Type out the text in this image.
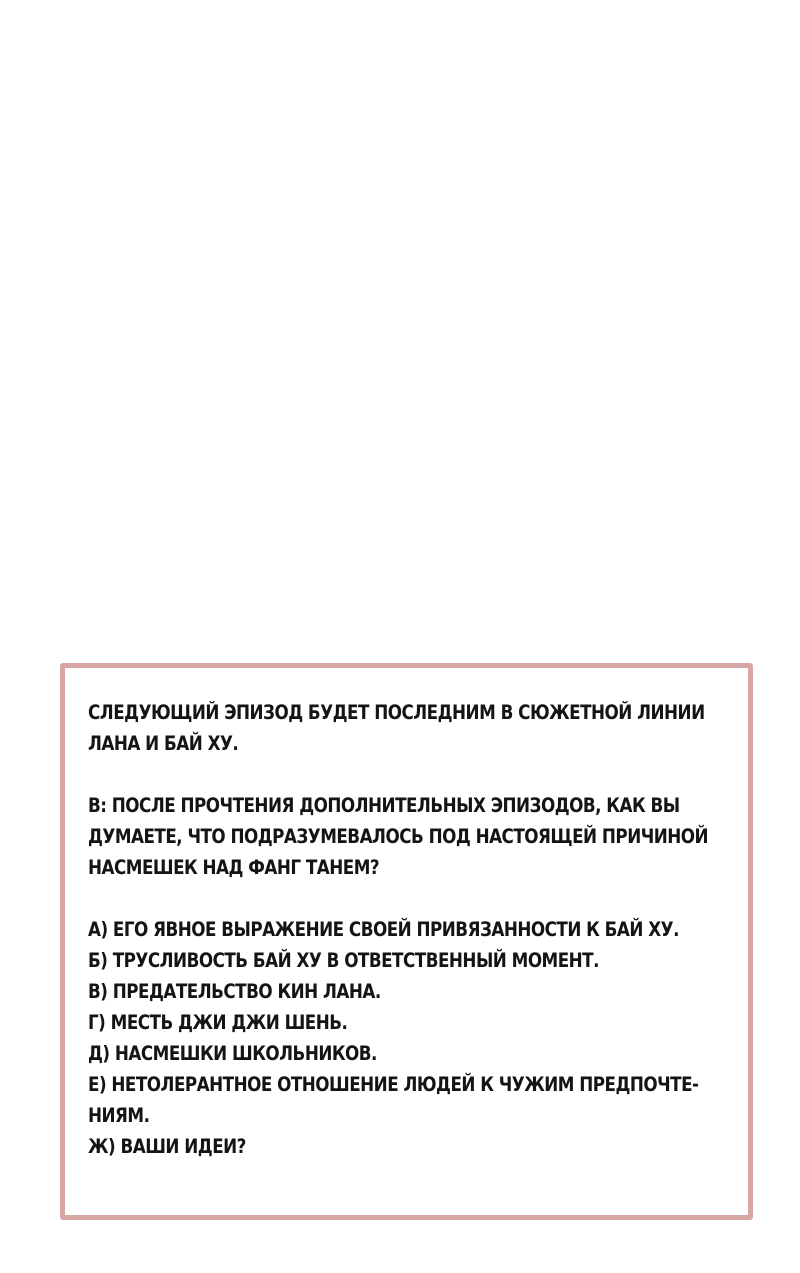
СЛЕДУЮЩИЙ ЭПИЗОД БУДЕТ ПОСЛЕДНИМ В СЮЖЕТНОЙ ЛИНИИ
ЛАНА И БАЙ ХУ.
В: ПОСЛЕ ПРОЧТЕНИЯ ДОПОЛНИТЕЛЬНЫХ ЭПИЗОДОВ, КАК ВЫ
ДУМАЕТЕ, ЧТО ПОДРАЗУМЕВАЛОСЬ ПОД НАСТОЯЩЕЙ ПРИЧИНОЙ
НАСМЕШЕК НАД ФАНГ ТАНЕМ?
А) ЕГО ЯВНОЕ ВЫРАЖЕНИЕ СВОЕЙ ПРИВЯЗАННОСТИ К БАЙ ХУ.
Б) ТРУСЛИВОСТЬ БАЙ ХУ В ОТВЕТСТВЕННЫЙ МОМЕНТ.
В) ПРЕДАТЕЛЬСТВО КИН ЛАНА.
Г) МЕСТЬ ДЖИ ДЖИ ШЕНЬ.
Д) НАСМЕШКИ ШКОЛЬНИКОВ.
Е) НЕТОЛЕРАНТНОЕ ОТНОШЕНИЕ ЛЮДЕЙ К ЧУЖИМ ПРЕДПОЧТЕ-
НИЯМ.
Ж) ВАШИ ИДЕИ?
